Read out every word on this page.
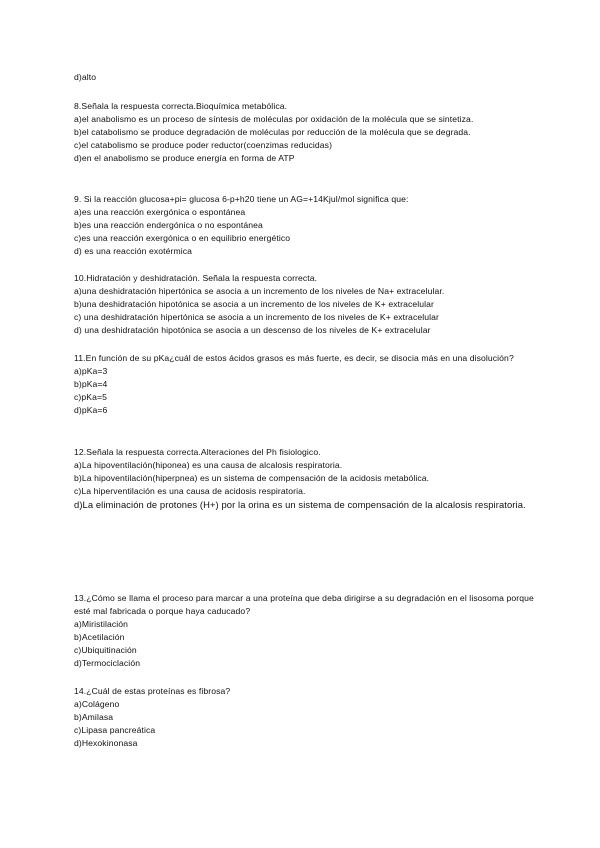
d)alto
8.Señala la respuesta correcta.Bioquímica metabólica.
a)el anabolismo es un proceso de síntesis de moléculas por oxidación de la molécula que se sintetiza.
b)el catabolismo se produce degradación de moléculas por reducción de la molécula que se degrada.
c)el catabolismo se produce poder reductor(coenzimas reducidas)
d)en el anabolismo se produce energía en forma de ATP
9. Si la reacción glucosa+pi= glucosa 6-p+h20 tiene un AG=+14Kjul/mol significa que:
a)es una reacción exergónica o espontánea
b)es una reacción endergónica o no espontánea
c)es una reacción exergónica o en equilibrio energético
d) es una reacción exotérmica
10.Hidratación y deshidratación. Señala la respuesta correcta.
a)una deshidratación hipertónica se asocia a un incremento de los niveles de Na+ extracelular.
b)una deshidratación hipotónica se asocia a un incremento de los niveles de K+ extracelular
c) una deshidratación hipertónica se asocia a un incremento de los niveles de K+ extracelular
d) una deshidratación hipotónica se asocia a un descenso de los niveles de K+ extracelular
11.En función de su pKa¿cuál de estos ácidos grasos es más fuerte, es decir, se disocia más en una disolución?
a)pKa=3
b)pKa=4
c)pKa=5
d)pKa=6
12.Señala la respuesta correcta.Alteraciones del Ph fisiologico.
a)La hipoventilación(hiponea) es una causa de alcalosis respiratoria.
b)La hipoventilación(hiperpnea) es un sistema de compensación de la acidosis metabólica.
c)La hiperventilación es una causa de acidosis respiratoria.
d)La eliminación de protones (H+) por la orina es un sistema de compensación de la alcalosis respiratoria.
13.¿Cómo se llama el proceso para marcar a una proteína que deba dirigirse a su degradación en el lisosoma porque esté mal fabricada o porque haya caducado?
a)Miristilación
b)Acetilación
c)Ubiquitinación
d)Termociclación
14.¿Cuál de estas proteínas es fibrosa?
a)Colágeno
b)Amilasa
c)Lipasa pancreática
d)Hexokinonasa
